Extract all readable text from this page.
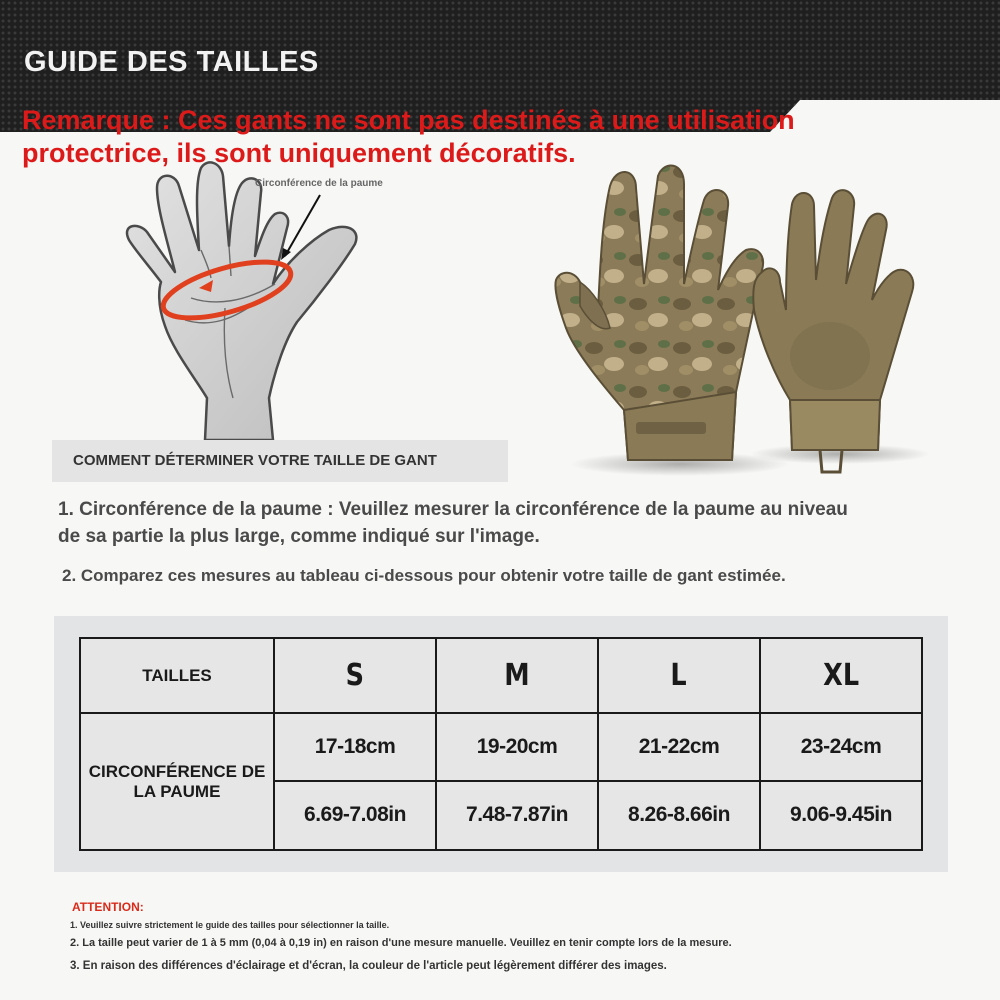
GUIDE DES TAILLES

Remarque : Ces gants ne sont pas destinés à une utilisation protectrice, ils sont uniquement décoratifs.

Circonférence de la paume
COMMENT DÉTERMINER VOTRE TAILLE DE GANT

1. Circonférence de la paume : Veuillez mesurer la circonférence de la paume au niveau de sa partie la plus large, comme indiqué sur l'image.

2. Comparez ces mesures au tableau ci-dessous pour obtenir votre taille de gant estimée.

TAILLES	S	M	L	XL
CIRCONFÉRENCE DE LA PAUME	17-18cm	19-20cm	21-22cm	23-24cm
	6.69-7.08in	7.48-7.87in	8.26-8.66in	9.06-9.45in

ATTENTION:

1. Veuillez suivre strictement le guide des tailles pour sélectionner la taille.
2. La taille peut varier de 1 à 5 mm (0,04 à 0,19 in) en raison d'une mesure manuelle. Veuillez en tenir compte lors de la mesure.
3. En raison des différences d'éclairage et d'écran, la couleur de l'article peut légèrement différer des images.
